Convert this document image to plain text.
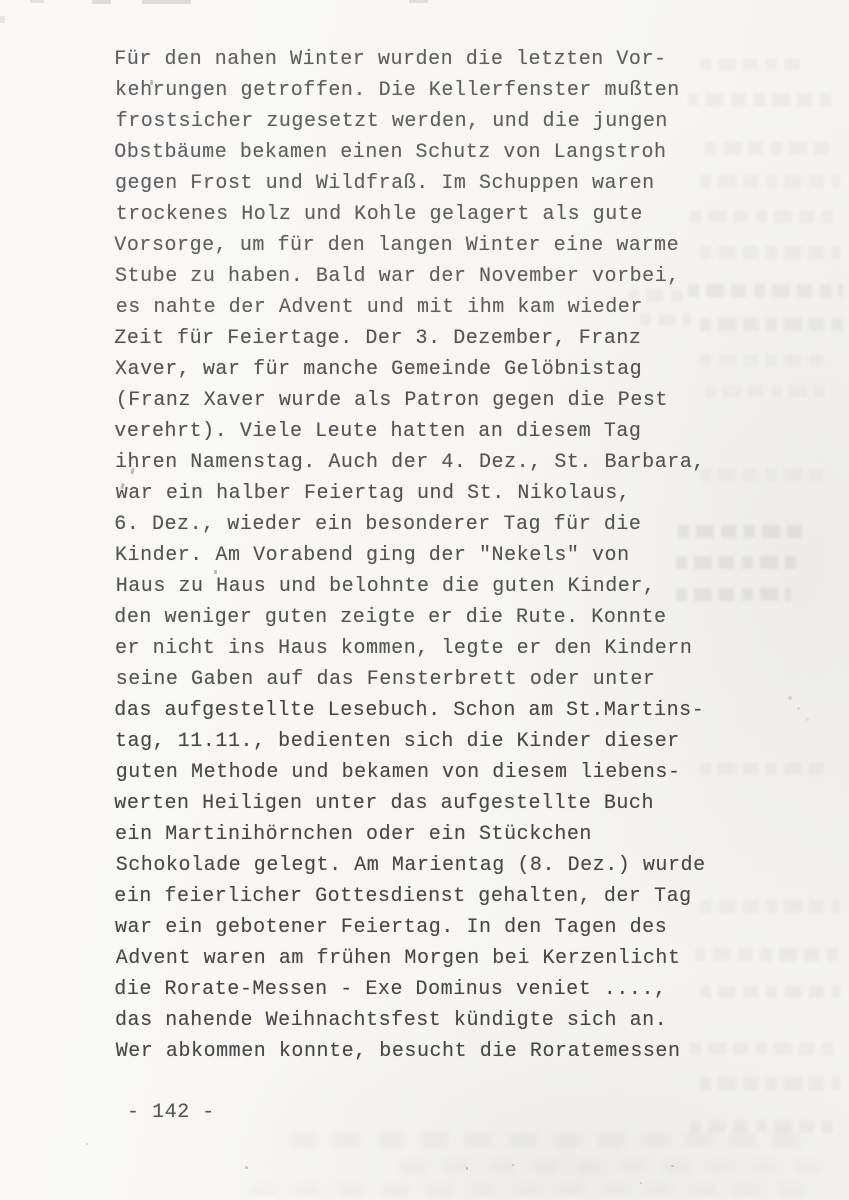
Für den nahen Winter wurden die letzten Vor-
kehrungen getroffen. Die Kellerfenster mußten
frostsicher zugesetzt werden, und die jungen
Obstbäume bekamen einen Schutz von Langstroh
gegen Frost und Wildfraß. Im Schuppen waren
trockenes Holz und Kohle gelagert als gute
Vorsorge, um für den langen Winter eine warme
Stube zu haben. Bald war der November vorbei,
es nahte der Advent und mit ihm kam wieder
Zeit für Feiertage. Der 3. Dezember, Franz
Xaver, war für manche Gemeinde Gelöbnistag
(Franz Xaver wurde als Patron gegen die Pest
verehrt). Viele Leute hatten an diesem Tag
ihren Namenstag. Auch der 4. Dez., St. Barbara,
war ein halber Feiertag und St. Nikolaus,
6. Dez., wieder ein besonderer Tag für die
Kinder. Am Vorabend ging der "Nekels" von
Haus zu Haus und belohnte die guten Kinder,
den weniger guten zeigte er die Rute. Konnte
er nicht ins Haus kommen, legte er den Kindern
seine Gaben auf das Fensterbrett oder unter
das aufgestellte Lesebuch. Schon am St.Martins-
tag, 11.11., bedienten sich die Kinder dieser
guten Methode und bekamen von diesem liebens-
werten Heiligen unter das aufgestellte Buch
ein Martinihörnchen oder ein Stückchen
Schokolade gelegt. Am Marientag (8. Dez.) wurde
ein feierlicher Gottesdienst gehalten, der Tag
war ein gebotener Feiertag. In den Tagen des
Advent waren am frühen Morgen bei Kerzenlicht
die Rorate-Messen - Exe Dominus veniet ....,
das nahende Weihnachtsfest kündigte sich an.
Wer abkommen konnte, besucht die Roratemessen
- 142 -
